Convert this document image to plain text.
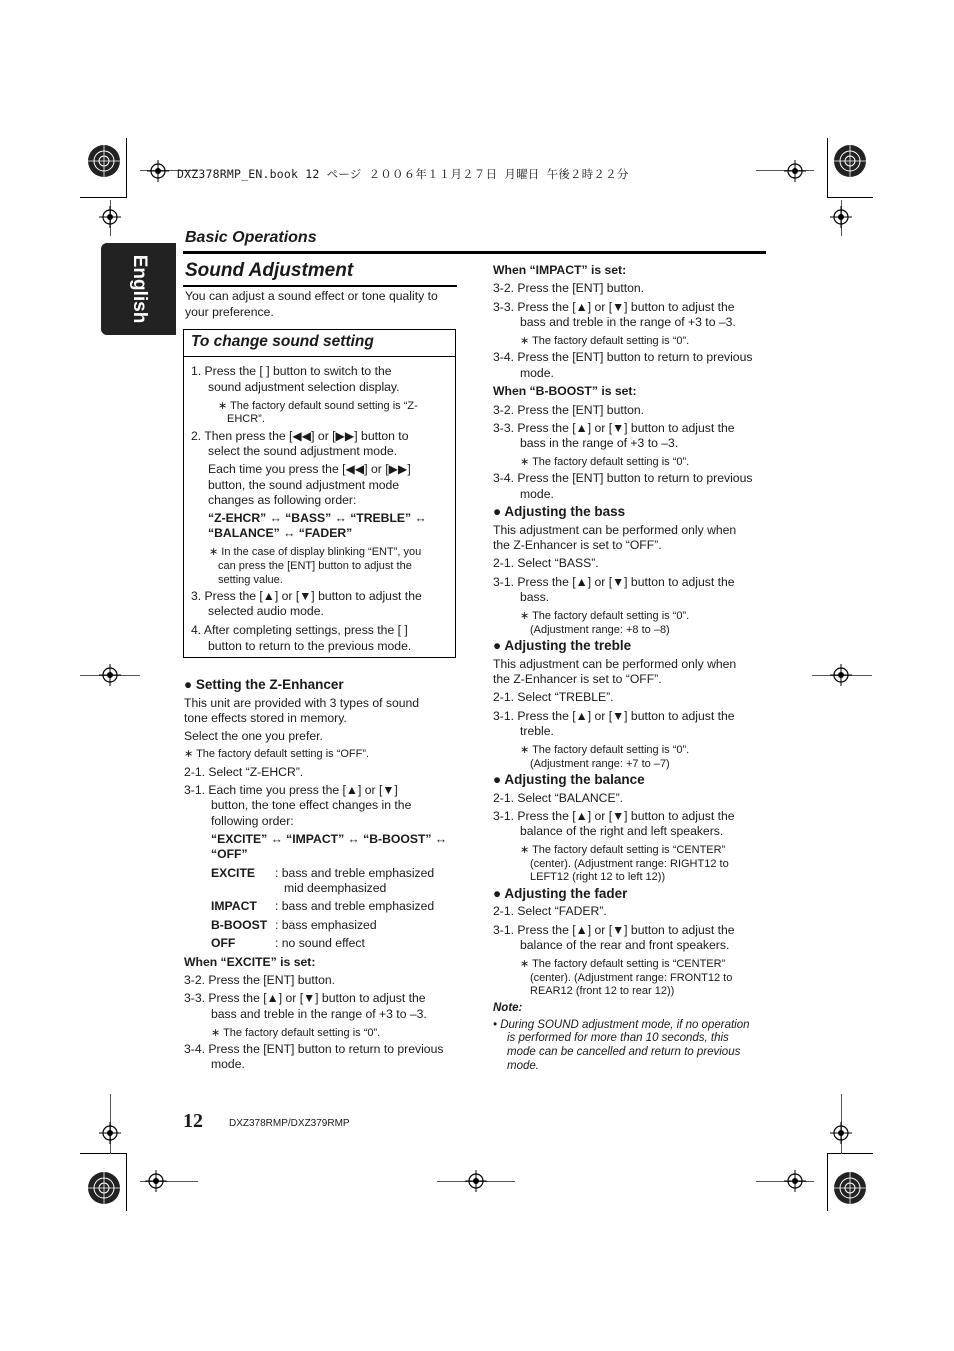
DXZ378RMP_EN.book 12 ページ ２００６年１１月２７日 月曜日 午後２時２２分
English
Basic Operations
Sound Adjustment
You can adjust a sound effect or tone quality to
your preference.
To change sound setting
1. Press the [ ] button to switch to the
sound adjustment selection display.
∗ The factory default sound setting is “Z-
EHCR”.
2. Then press the [◀◀] or [▶▶] button to
select the sound adjustment mode.
Each time you press the [◀◀] or [▶▶]
button, the sound adjustment mode
changes as following order:
“Z-EHCR” ↔ “BASS” ↔ “TREBLE” ↔
“BALANCE” ↔ “FADER”
∗ In the case of display blinking “ENT”, you
can press the [ENT] button to adjust the
setting value.
3. Press the [▲] or [▼] button to adjust the
selected audio mode.
4. After completing settings, press the [ ]
button to return to the previous mode.
● Setting the Z-Enhancer
This unit are provided with 3 types of sound
tone effects stored in memory.
Select the one you prefer.
∗ The factory default setting is “OFF”.
2-1. Select “Z-EHCR”.
3-1. Each time you press the [▲] or [▼]
button, the tone effect changes in the
following order:
“EXCITE” ↔ “IMPACT” ↔ “B-BOOST” ↔
“OFF”
EXCITE : bass and treble emphasized
mid deemphasized
IMPACT : bass and treble emphasized
B-BOOST : bass emphasized
OFF	: no sound effect
When “EXCITE” is set:
3-2. Press the [ENT] button.
3-3. Press the [▲] or [▼] button to adjust the
bass and treble in the range of +3 to –3.
∗ The factory default setting is “0”.
3-4. Press the [ENT] button to return to previous
mode.
When “IMPACT” is set:
3-2. Press the [ENT] button.
3-3. Press the [▲] or [▼] button to adjust the
bass and treble in the range of +3 to –3.
∗ The factory default setting is “0”.
3-4. Press the [ENT] button to return to previous
mode.
When “B-BOOST” is set:
3-2. Press the [ENT] button.
3-3. Press the [▲] or [▼] button to adjust the
bass in the range of +3 to –3.
∗ The factory default setting is “0”.
3-4. Press the [ENT] button to return to previous
mode.
● Adjusting the bass
This adjustment can be performed only when
the Z-Enhancer is set to “OFF”.
2-1. Select “BASS”.
3-1. Press the [▲] or [▼] button to adjust the
bass.
∗ The factory default setting is “0”.
(Adjustment range: +8 to –8)
● Adjusting the treble
This adjustment can be performed only when
the Z-Enhancer is set to “OFF”.
2-1. Select “TREBLE”.
3-1. Press the [▲] or [▼] button to adjust the
treble.
∗ The factory default setting is “0”.
(Adjustment range: +7 to –7)
● Adjusting the balance
2-1. Select “BALANCE”.
3-1. Press the [▲] or [▼] button to adjust the
balance of the right and left speakers.
∗ The factory default setting is “CENTER”
(center). (Adjustment range: RIGHT12 to
LEFT12 (right 12 to left 12))
● Adjusting the fader
2-1. Select “FADER”.
3-1. Press the [▲] or [▼] button to adjust the
balance of the rear and front speakers.
∗ The factory default setting is “CENTER”
(center). (Adjustment range: FRONT12 to
REAR12 (front 12 to rear 12))
Note:
• During SOUND adjustment mode, if no operation
is performed for more than 10 seconds, this
mode can be cancelled and return to previous
mode.
12	DXZ378RMP/DXZ379RMP
